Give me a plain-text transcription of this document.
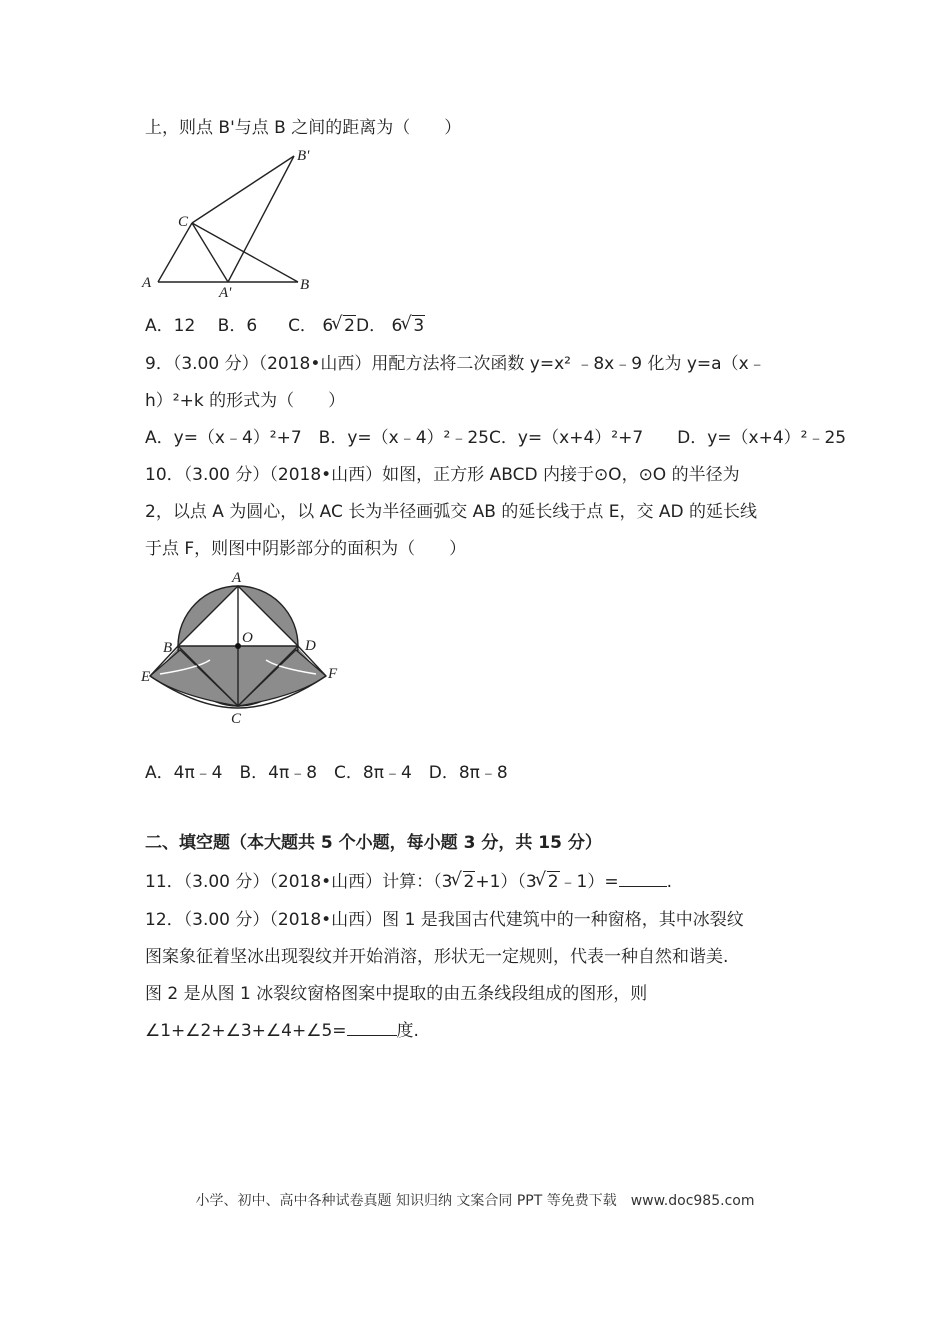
上，则点 B'与点 B 之间的距离为（　　）
A
A'	B
B'
C
A．12  B．6   C． 6 √ 2D． 6 √ 3
9．（3.00 分）（2018•山西）用配方法将二次函数 y=x² ﹣8x﹣9 化为 y=a（x﹣
h）²+k 的形式为（　　）
A．y=（x﹣4）²+7　B．y=（x﹣4）²﹣25C．y=（x+4）²+7　　D．y=（x+4）²﹣25
10．（3.00 分）（2018•山西）如图，正方形 ABCD 内接于⊙O，⊙O 的半径为
2，以点 A 为圆心，以 AC 长为半径画弧交 AB 的延长线于点 E，交 AD 的延长线
于点 F，则图中阴影部分的面积为（　　）
A
B
C
D
E	F
O
A．4π﹣4　B．4π﹣8　C．8π﹣4　D．8π﹣8
二、填空题（本大题共 5 个小题，每小题 3 分，共 15 分）
11．（3.00 分）（2018•山西）计算：（3 √ 2+1）（3 √ 2﹣1）=	.
12．（3.00 分）（2018•山西）图 1 是我国古代建筑中的一种窗格，其中冰裂纹
图案象征着坚冰出现裂纹并开始消溶，形状无一定规则，代表一种自然和谐美.
图 2 是从图 1 冰裂纹窗格图案中提取的由五条线段组成的图形，则
∠1+∠2+∠3+∠4+∠5=	度.
小学、初中、高中各种试卷真题 知识归纳 文案合同 PPT 等免费下载　www.doc985.com
